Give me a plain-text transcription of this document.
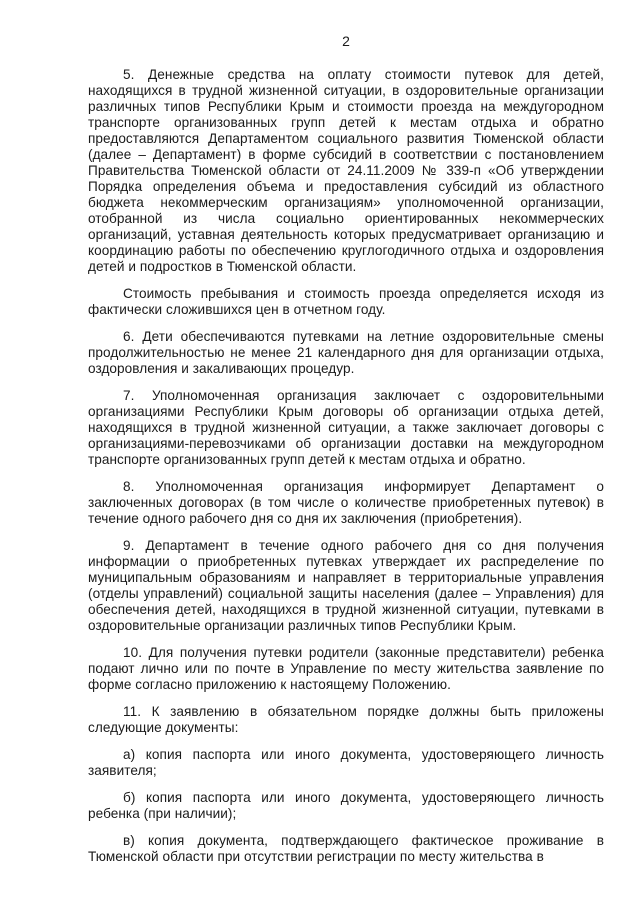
2

5. Денежные средства на оплату стоимости путевок для детей, находящихся в трудной жизненной ситуации, в оздоровительные организации различных типов Республики Крым и стоимости проезда на междугородном транспорте организованных групп детей к местам отдыха и обратно предоставляются Департаментом социального развития Тюменской области (далее – Департамент) в форме субсидий в соответствии с постановлением Правительства Тюменской области от 24.11.2009 № 339-п «Об утверждении Порядка определения объема и предоставления субсидий из областного бюджета некоммерческим организациям» уполномоченной организации, отобранной из числа социально ориентированных некоммерческих организаций, уставная деятельность которых предусматривает организацию и координацию работы по обеспечению круглогодичного отдыха и оздоровления детей и подростков в Тюменской области.

Стоимость пребывания и стоимость проезда определяется исходя из фактически сложившихся цен в отчетном году.

6. Дети обеспечиваются путевками на летние оздоровительные смены продолжительностью не менее 21 календарного дня для организации отдыха, оздоровления и закаливающих процедур.

7. Уполномоченная организация заключает с оздоровительными организациями Республики Крым договоры об организации отдыха детей, находящихся в трудной жизненной ситуации, а также заключает договоры с организациями-перевозчиками об организации доставки на междугородном транспорте организованных групп детей к местам отдыха и обратно.

8. Уполномоченная организация информирует Департамент о заключенных договорах (в том числе о количестве приобретенных путевок) в течение одного рабочего дня со дня их заключения (приобретения).

9. Департамент в течение одного рабочего дня со дня получения информации о приобретенных путевках утверждает их распределение по муниципальным образованиям и направляет в территориальные управления (отделы управлений) социальной защиты населения (далее – Управления) для обеспечения детей, находящихся в трудной жизненной ситуации, путевками в оздоровительные организации различных типов Республики Крым.

10. Для получения путевки родители (законные представители) ребенка подают лично или по почте в Управление по месту жительства заявление по форме согласно приложению к настоящему Положению.

11. К заявлению в обязательном порядке должны быть приложены следующие документы:

а) копия паспорта или иного документа, удостоверяющего личность заявителя;

б) копия паспорта или иного документа, удостоверяющего личность ребенка (при наличии);

в) копия документа, подтверждающего фактическое проживание в Тюменской области при отсутствии регистрации по месту жительства в
